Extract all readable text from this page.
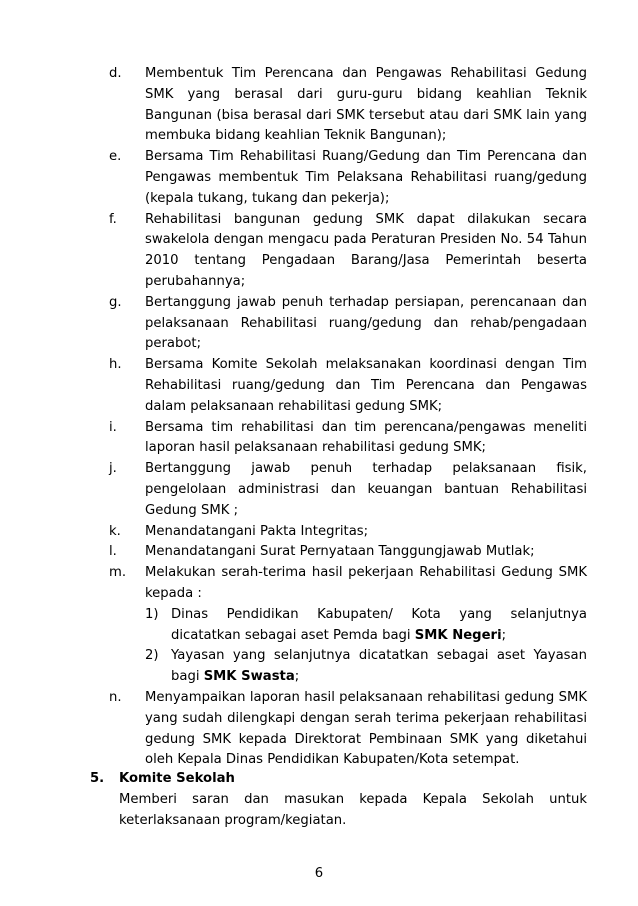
d.	Membentuk Tim Perencana dan Pengawas Rehabilitasi Gedung SMK yang berasal dari guru-guru bidang keahlian Teknik Bangunan (bisa berasal dari SMK tersebut atau dari SMK lain yang membuka bidang keahlian Teknik Bangunan);
e.	Bersama Tim Rehabilitasi Ruang/Gedung dan Tim Perencana dan Pengawas membentuk Tim Pelaksana Rehabilitasi ruang/gedung (kepala tukang, tukang dan pekerja);
f.	Rehabilitasi bangunan gedung SMK dapat dilakukan secara swakelola dengan mengacu pada Peraturan Presiden No. 54 Tahun 2010 tentang Pengadaan Barang/Jasa Pemerintah beserta perubahannya;
g.	Bertanggung jawab penuh terhadap persiapan, perencanaan dan pelaksanaan Rehabilitasi ruang/gedung dan rehab/pengadaan perabot;
h.	Bersama Komite Sekolah melaksanakan koordinasi dengan Tim Rehabilitasi ruang/gedung dan Tim Perencana dan Pengawas dalam pelaksanaan rehabilitasi gedung SMK;
i.	Bersama tim rehabilitasi dan tim perencana/pengawas meneliti laporan hasil pelaksanaan rehabilitasi gedung SMK;
j.	Bertanggung jawab penuh terhadap pelaksanaan fisik, pengelolaan administrasi dan keuangan bantuan Rehabilitasi Gedung SMK ;
k.	Menandatangani Pakta Integritas;
l.	Menandatangani Surat Pernyataan Tanggungjawab Mutlak;
m.	Melakukan serah-terima hasil pekerjaan Rehabilitasi Gedung SMK kepada :
1) Dinas Pendidikan Kabupaten/ Kota yang selanjutnya dicatatkan sebagai aset Pemda bagi SMK Negeri;
2) Yayasan yang selanjutnya dicatatkan sebagai aset Yayasan bagi SMK Swasta;
n.	Menyampaikan laporan hasil pelaksanaan rehabilitasi gedung SMK yang sudah dilengkapi dengan serah terima pekerjaan rehabilitasi gedung SMK kepada Direktorat Pembinaan SMK yang diketahui oleh Kepala Dinas Pendidikan Kabupaten/Kota setempat.
5.	Komite Sekolah
Memberi saran dan masukan kepada Kepala Sekolah untuk keterlaksanaan program/kegiatan.
6
